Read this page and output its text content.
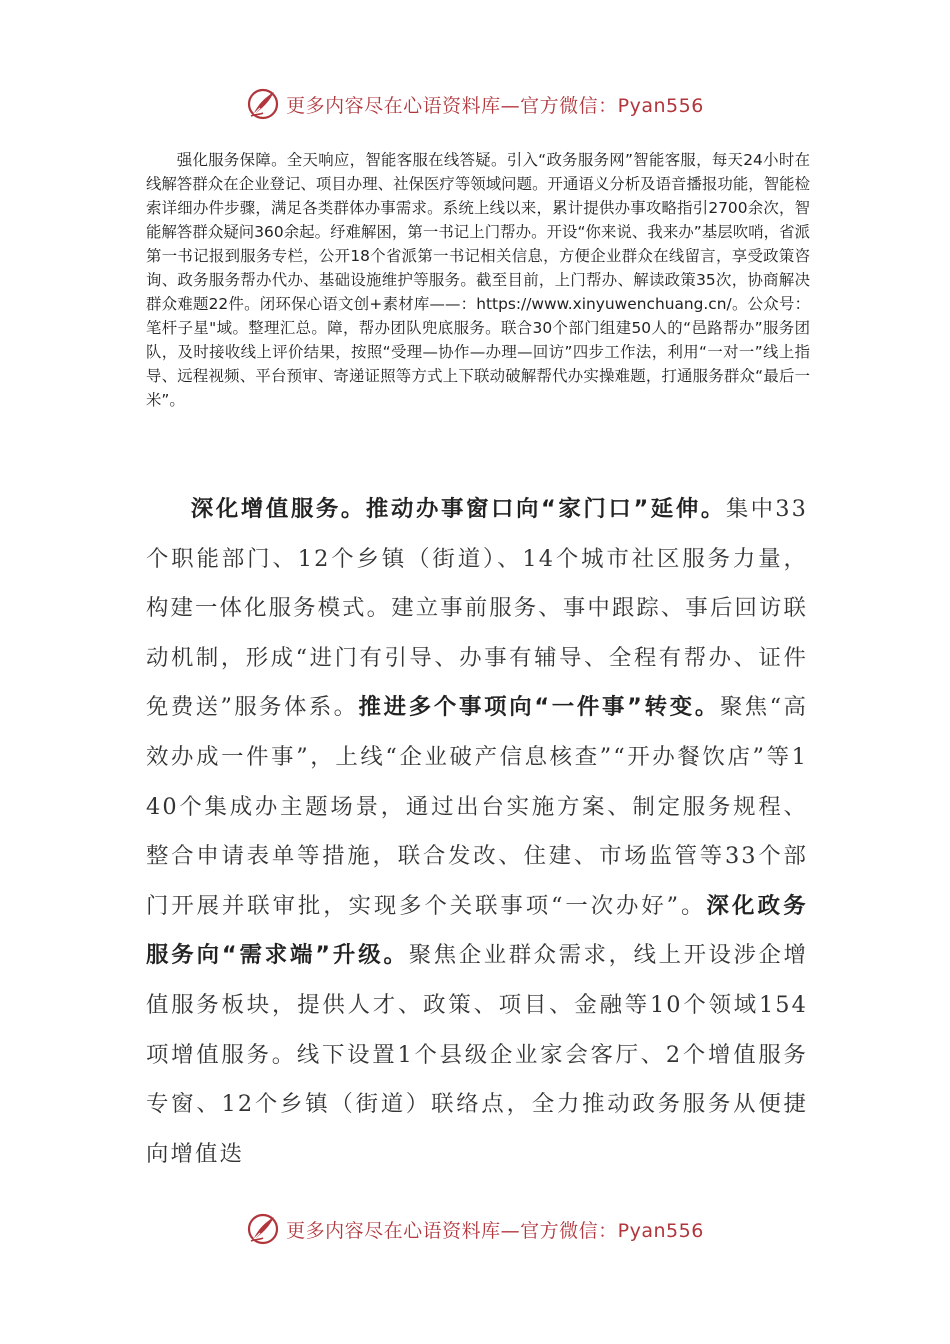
更多内容尽在心语资料库—官方微信：Pyan556
强化服务保障。全天响应，智能客服在线答疑。引入“政务服务网”智能客服，每天24小时在线解答群众在企业登记、项目办理、社保医疗等领域问题。开通语义分析及语音播报功能，智能检索详细办件步骤，满足各类群体办事需求。系统上线以来，累计提供办事攻略指引2700余次，智能解答群众疑问360余起。纾难解困，第一书记上门帮办。开设“你来说、我来办”基层吹哨，省派第一书记报到服务专栏，公开18个省派第一书记相关信息，方便企业群众在线留言，享受政策咨询、政务服务帮办代办、基础设施维护等服务。截至目前，上门帮办、解读政策35次，协商解决群众难题22件。闭环保心语文创+素材库——：https://www.xinyuwenchuang.cn/。公众号：笔杆子星"域。整理汇总。障，帮办团队兜底服务。联合30个部门组建50人的“邑路帮办”服务团队，及时接收线上评价结果，按照“受理—协作—办理—回访”四步工作法，利用“一对一”线上指导、远程视频、平台预审、寄递证照等方式上下联动破解帮代办实操难题，打通服务群众“最后一米”。
深化增值服务。推动办事窗口向“家门口”延伸。集中33个职能部门、12个乡镇（街道）、14个城市社区服务力量，构建一体化服务模式。建立事前服务、事中跟踪、事后回访联动机制，形成“进门有引导、办事有辅导、全程有帮办、证件免费送”服务体系。推进多个事项向“一件事”转变。聚焦“高效办成一件事”，上线“企业破产信息核查”“开办餐饮店”等140个集成办主题场景，通过出台实施方案、制定服务规程、整合申请表单等措施，联合发改、住建、市场监管等33个部门开展并联审批，实现多个关联事项“一次办好”。深化政务服务向“需求端”升级。聚焦企业群众需求，线上开设涉企增值服务板块，提供人才、政策、项目、金融等10个领域154项增值服务。线下设置1个县级企业家会客厅、2个增值服务专窗、12个乡镇（街道）联络点，全力推动政务服务从便捷向增值迭
更多内容尽在心语资料库—官方微信：Pyan556
